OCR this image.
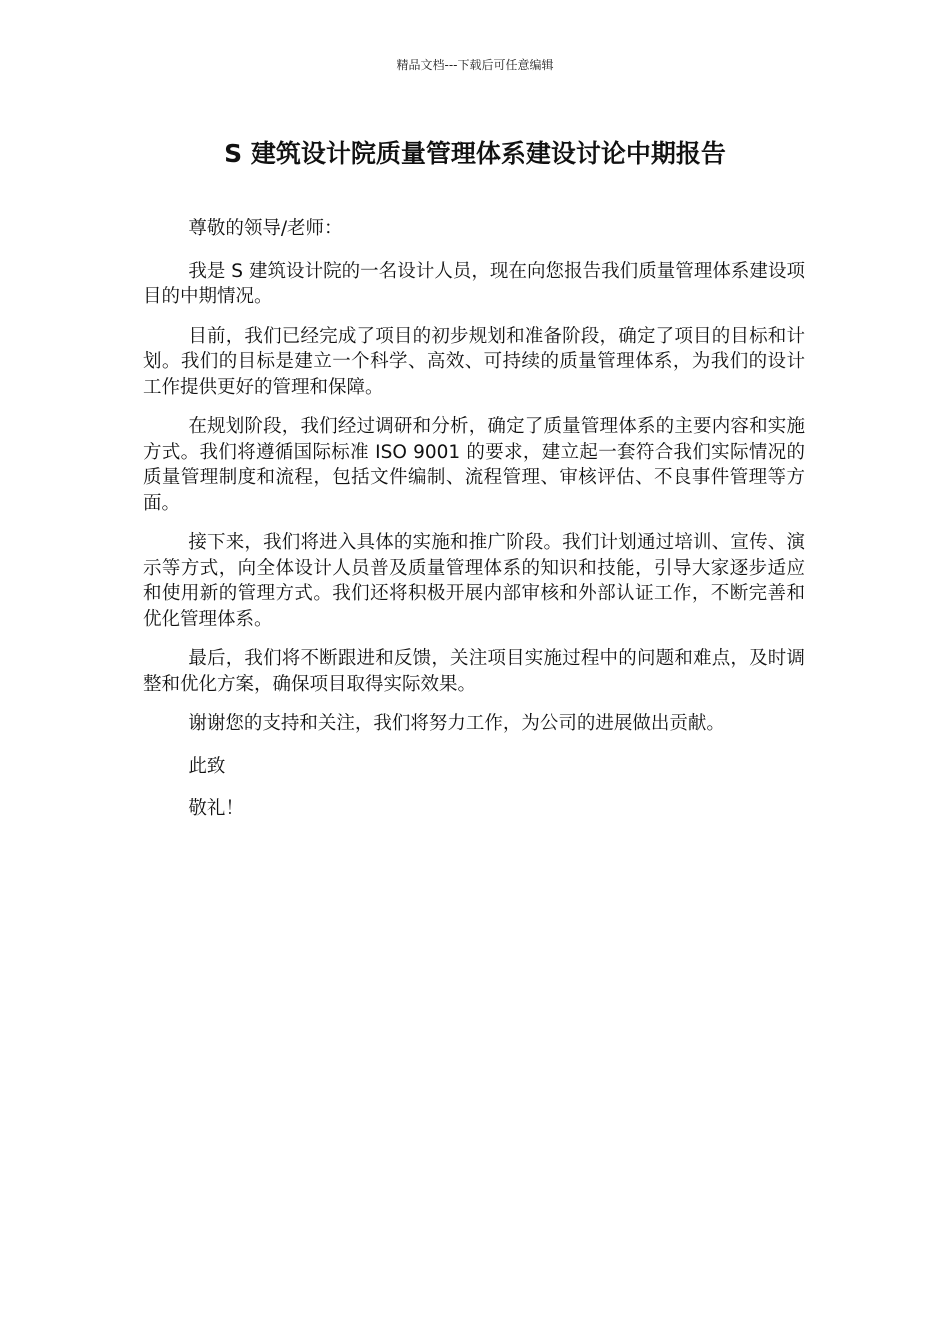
精品文档---下载后可任意编辑
S 建筑设计院质量管理体系建设讨论中期报告

尊敬的领导/老师：

我是 S 建筑设计院的一名设计人员，现在向您报告我们质量管理体系建设项目的中期情况。

目前，我们已经完成了项目的初步规划和准备阶段，确定了项目的目标和计划。我们的目标是建立一个科学、高效、可持续的质量管理体系，为我们的设计工作提供更好的管理和保障。

在规划阶段，我们经过调研和分析，确定了质量管理体系的主要内容和实施方式。我们将遵循国际标准 ISO 9001 的要求，建立起一套符合我们实际情况的质量管理制度和流程，包括文件编制、流程管理、审核评估、不良事件管理等方面。

接下来，我们将进入具体的实施和推广阶段。我们计划通过培训、宣传、演示等方式，向全体设计人员普及质量管理体系的知识和技能，引导大家逐步适应和使用新的管理方式。我们还将积极开展内部审核和外部认证工作，不断完善和优化管理体系。

最后，我们将不断跟进和反馈，关注项目实施过程中的问题和难点，及时调整和优化方案，确保项目取得实际效果。

谢谢您的支持和关注，我们将努力工作，为公司的进展做出贡献。

此致

敬礼！
